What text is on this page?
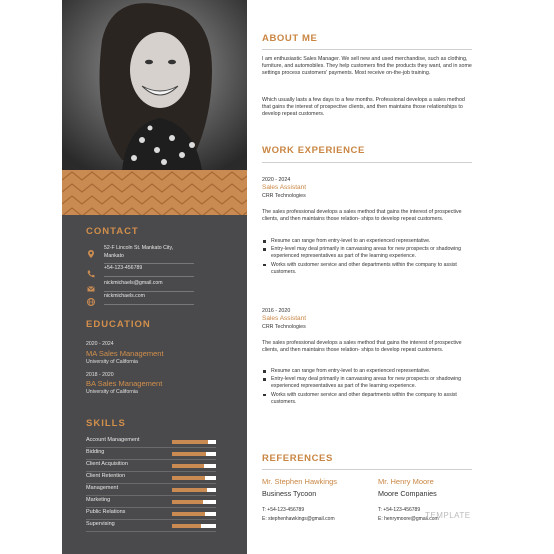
CONTACT
52-F Lincoln St. Mankato City, Mankato
+54-123-456789
nickmichaels@gmail.com
nickmichaels.com
EDUCATION
2020 - 2024
MA Sales Management
University of California
2018 - 2020
BA Sales Management
University of California
SKILLS
Account Management
Bidding
Client Acquisition
Client Retention
Management
Marketing
Public Relations
Supervising
ABOUT ME
I am enthusiastic Sales Manager. We sell new and used merchandise, such as clothing, furniture, and automobiles. They help customers find the products they want, and in some settings process customers' payments. Most receive on-the-job training.
Which usually lasts a few days to a few months. Professional develops a sales method that gains the interest of prospective clients, and then maintains those relationships to develop repeat customers.
WORK EXPERIENCE
2020 - 2024
Sales Assistant
CRR Technologies
The sales professional develops a sales method that gains the interest of prospective clients, and then maintains those relation- ships to develop repeat customers.
Resume can range from entry-level to an experienced representative.
Entry-level may deal primarily in canvassing areas for new prospects or shadowing experienced representatives as part of the learning experience.
Works with customer service and other departments within the company to assist customers.
2016 - 2020
Sales Assistant
CRR Technologies
The sales professional develops a sales method that gains the interest of prospective clients, and then maintains those relation- ships to develop repeat customers.
Resume can range from entry-level to an experienced representative.
Entry-level may deal primarily in canvassing areas for new prospects or shadowing experienced representatives as part of the learning experience.
Works with customer service and other departments within the company to assist customers.
REFERENCES
Mr. Stephen Hawkings
Business Tycoon
T: +54-123-456789
E: stephenhawkings@gmail.com
Mr. Henry Moore
Moore Companies
T: +54-123-456789
E: henrymoore@gmail.com
TEMPLATE
